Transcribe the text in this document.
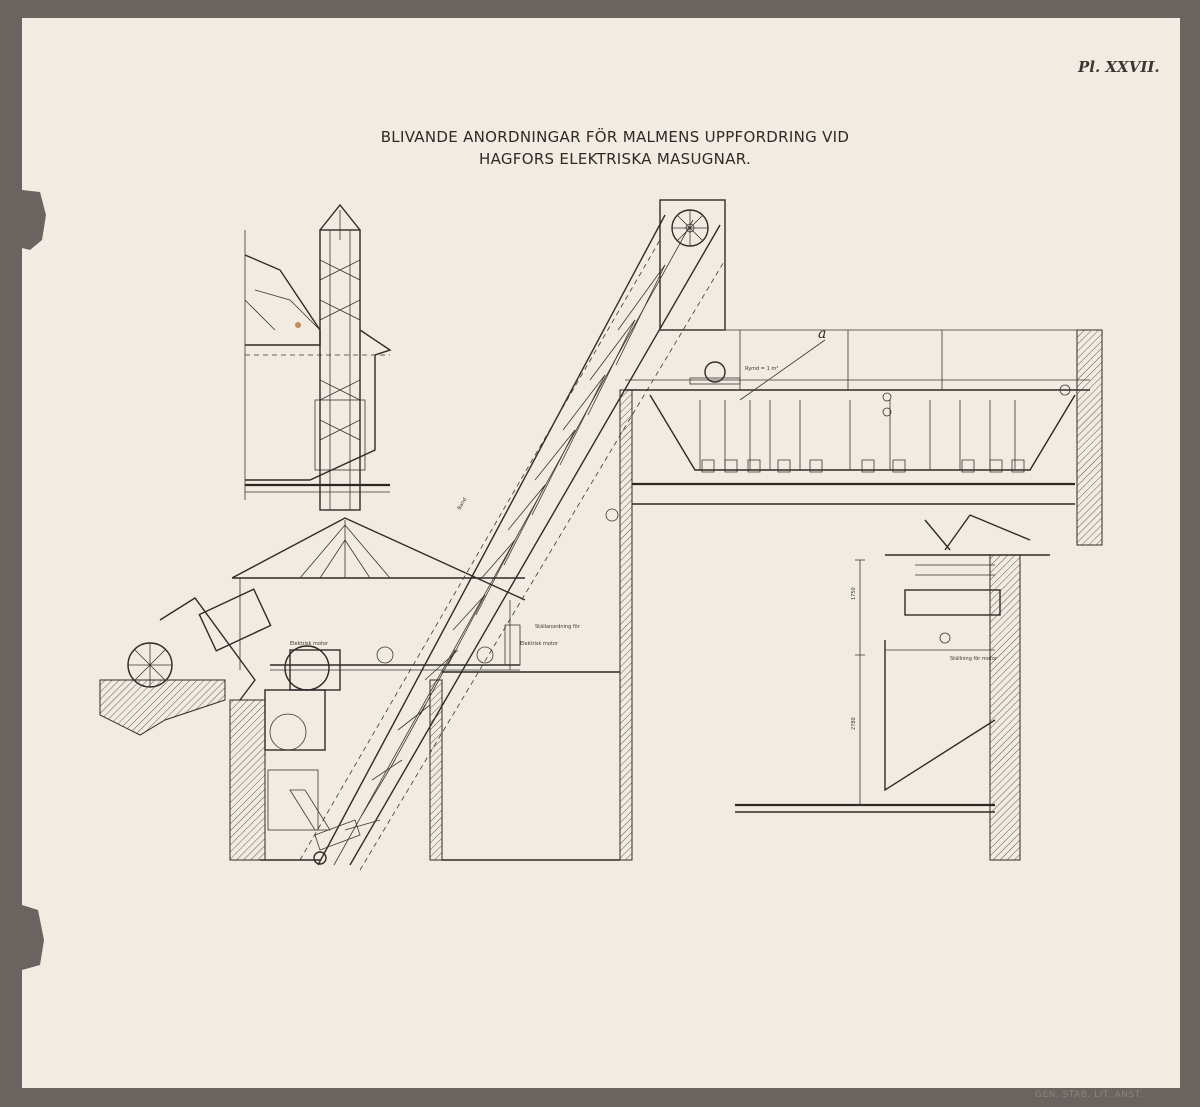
Pl. XXVII.
BLIVANDE ANORDNINGAR FÖR MALMENS UPPFORDRING VID
HAGFORS ELEKTRISKA MASUGNAR.
Band
Rymd = 1 m³
a
Elektrisk motor	Elektrisk motor
Ställanordning för
Ställning för motor
1750
2780
GEN. STAB. LIT. ANST.
